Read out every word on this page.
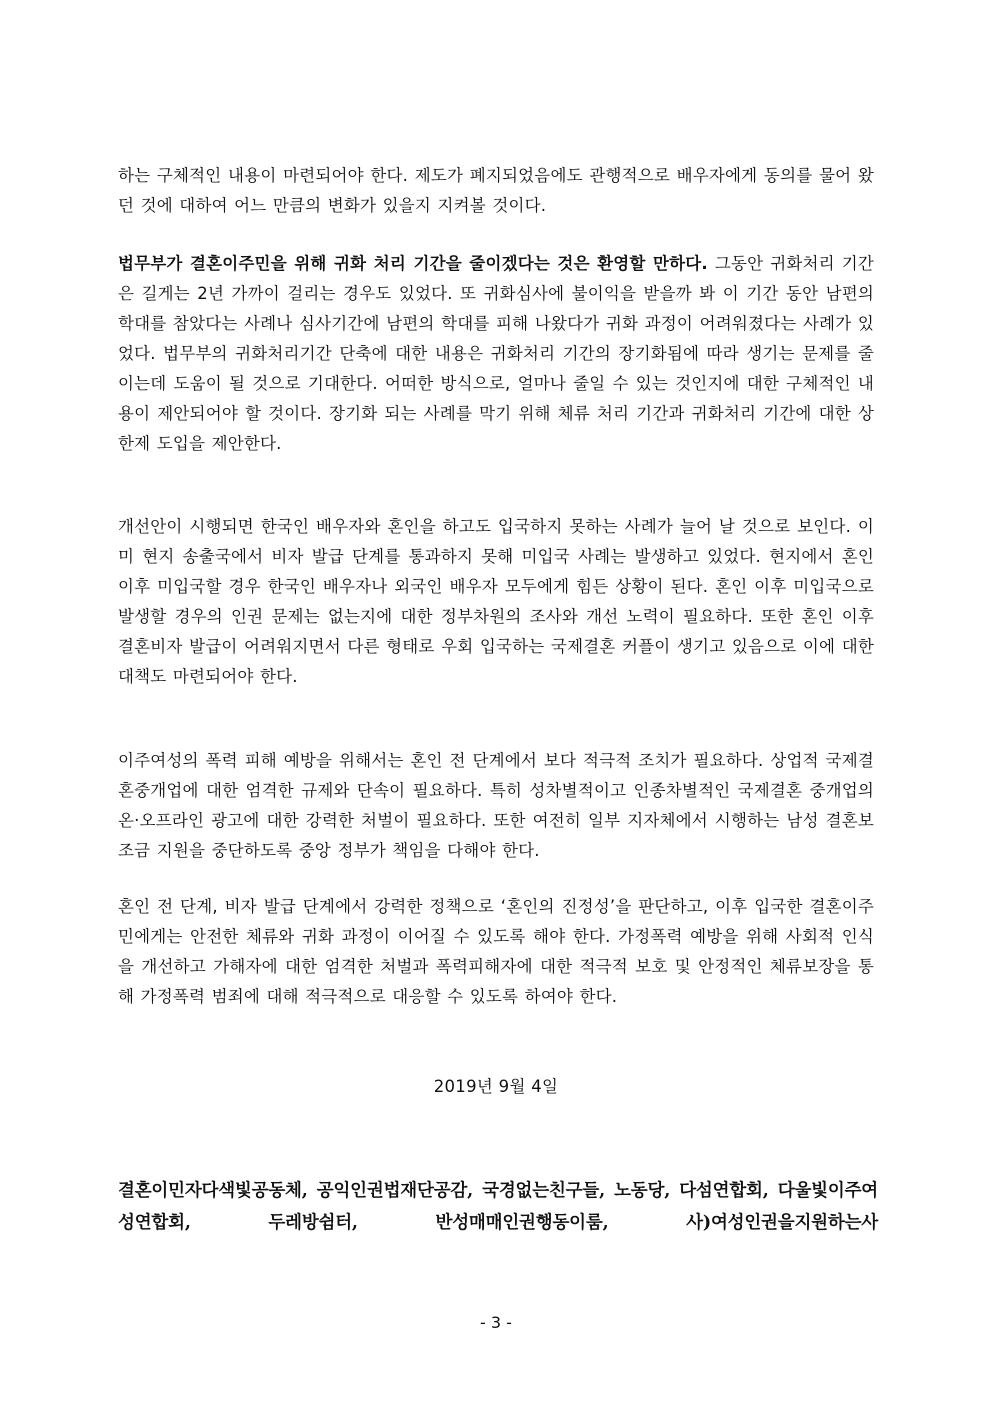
하는 구체적인 내용이 마련되어야 한다. 제도가 폐지되었음에도 관행적으로 배우자에게 동의를 물어 왔던 것에 대하여 어느 만큼의 변화가 있을지 지켜볼 것이다.

법무부가 결혼이주민을 위해 귀화 처리 기간을 줄이겠다는 것은 환영할 만하다. 그동안 귀화처리 기간은 길게는 2년 가까이 걸리는 경우도 있었다. 또 귀화심사에 불이익을 받을까 봐 이 기간 동안 남편의 학대를 참았다는 사례나 심사기간에 남편의 학대를 피해 나왔다가 귀화 과정이 어려워졌다는 사례가 있었다. 법무부의 귀화처리기간 단축에 대한 내용은 귀화처리 기간의 장기화됨에 따라 생기는 문제를 줄이는데 도움이 될 것으로 기대한다. 어떠한 방식으로, 얼마나 줄일 수 있는 것인지에 대한 구체적인 내용이 제안되어야 할 것이다. 장기화 되는 사례를 막기 위해 체류 처리 기간과 귀화처리 기간에 대한 상한제 도입을 제안한다.

개선안이 시행되면 한국인 배우자와 혼인을 하고도 입국하지 못하는 사례가 늘어 날 것으로 보인다. 이미 현지 송출국에서 비자 발급 단계를 통과하지 못해 미입국 사례는 발생하고 있었다. 현지에서 혼인 이후 미입국할 경우 한국인 배우자나 외국인 배우자 모두에게 힘든 상황이 된다. 혼인 이후 미입국으로 발생할 경우의 인권 문제는 없는지에 대한 정부차원의 조사와 개선 노력이 필요하다. 또한 혼인 이후 결혼비자 발급이 어려워지면서 다른 형태로 우회 입국하는 국제결혼 커플이 생기고 있음으로 이에 대한 대책도 마련되어야 한다.

이주여성의 폭력 피해 예방을 위해서는 혼인 전 단계에서 보다 적극적 조치가 필요하다. 상업적 국제결혼중개업에 대한 엄격한 규제와 단속이 필요하다. 특히 성차별적이고 인종차별적인 국제결혼 중개업의 온·오프라인 광고에 대한 강력한 처벌이 필요하다. 또한 여전히 일부 지자체에서 시행하는 남성 결혼보조금 지원을 중단하도록 중앙 정부가 책임을 다해야 한다.

혼인 전 단계, 비자 발급 단계에서 강력한 정책으로 ‘혼인의 진정성’을 판단하고, 이후 입국한 결혼이주민에게는 안전한 체류와 귀화 과정이 이어질 수 있도록 해야 한다. 가정폭력 예방을 위해 사회적 인식을 개선하고 가해자에 대한 엄격한 처벌과 폭력피해자에 대한 적극적 보호 및 안정적인 체류보장을 통해 가정폭력 범죄에 대해 적극적으로 대응할 수 있도록 하여야 한다.

2019년 9월 4일

결혼이민자다색빛공동체, 공익인권법재단공감, 국경없는친구들, 노동당, 다섬연합회, 다울빛이주여성연합회, 두레방쉼터, 반성매매인권행동이룸, 사)여성인권을지원하는사

- 3 -
